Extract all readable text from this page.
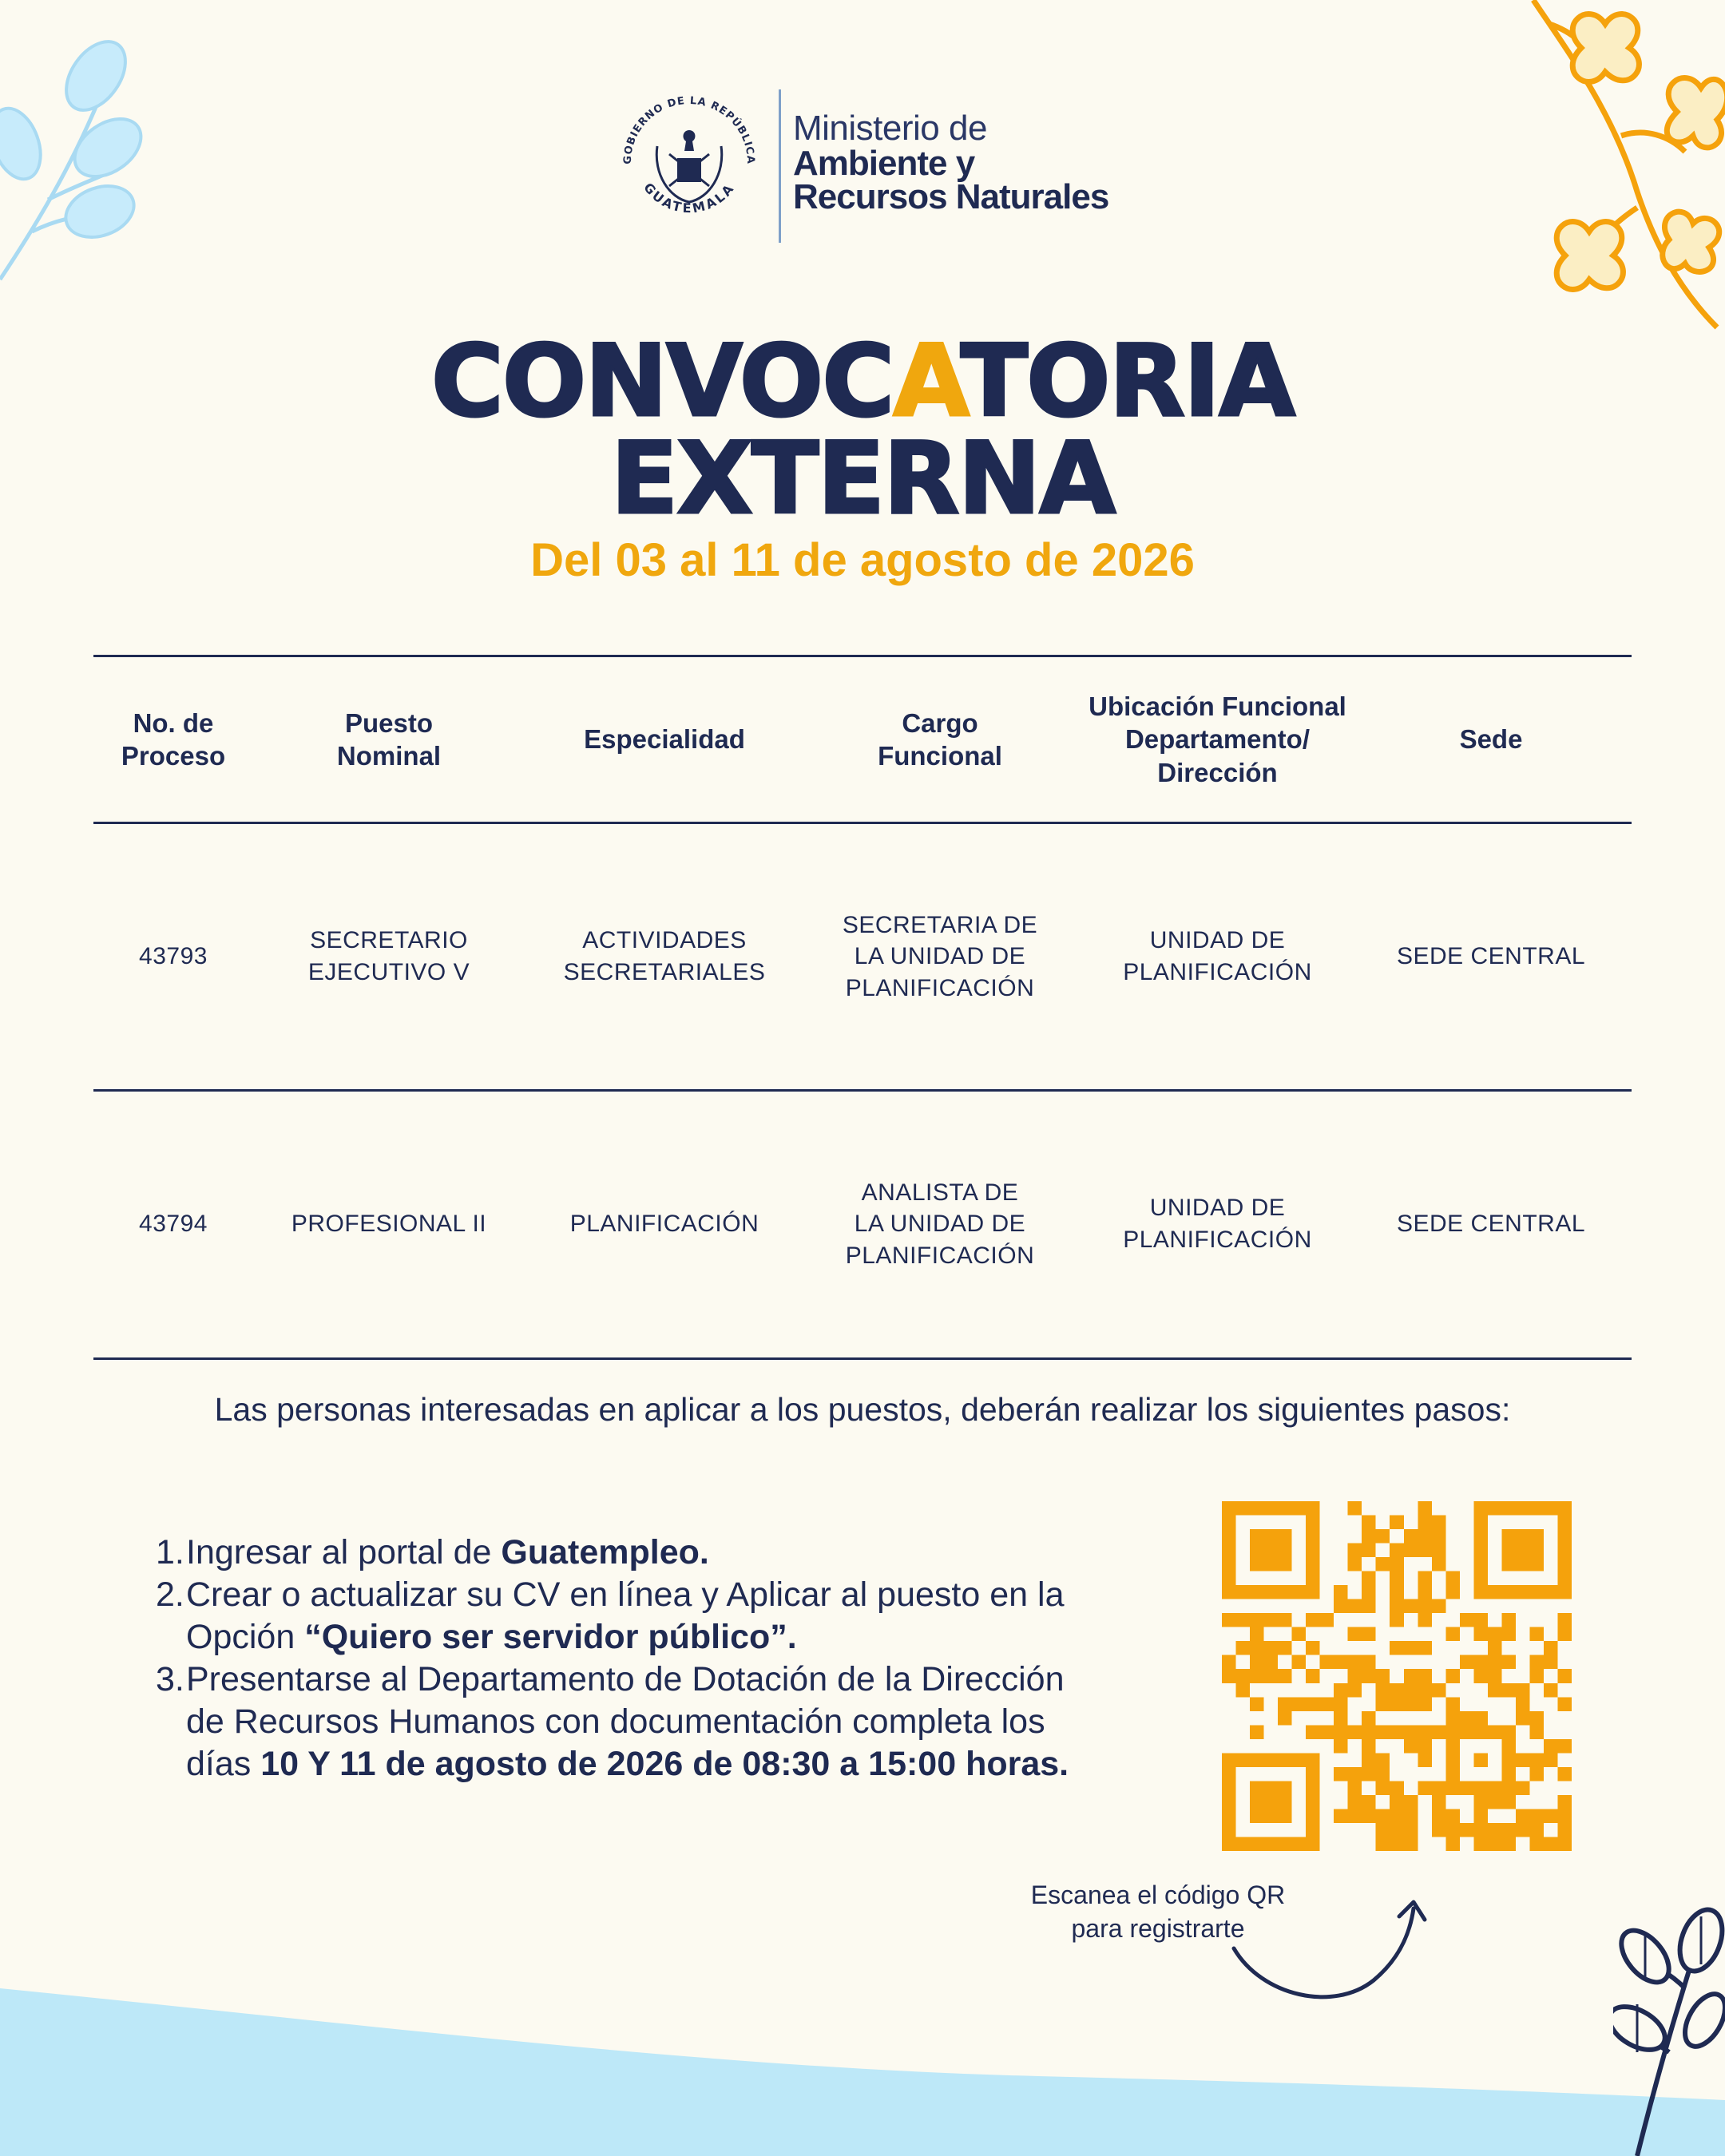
GOBIERNO DE LA REPÚBLICA
GUATEMALA
Ministerio de
Ambiente y
Recursos Naturales
CONVOCATORIA
EXTERNA
Del 03 al 11 de agosto de 2026
No. de
Proceso
Puesto
Nominal
Especialidad
Cargo
Funcional
Ubicación Funcional
Departamento/
Dirección
Sede
43793
SECRETARIO
EJECUTIVO V
ACTIVIDADES
SECRETARIALES
SECRETARIA DE
LA UNIDAD DE
PLANIFICACIÓN
UNIDAD DE
PLANIFICACIÓN
SEDE CENTRAL
43794	PROFESIONAL II	PLANIFICACIÓN
ANALISTA DE
LA UNIDAD DE
PLANIFICACIÓN
UNIDAD DE
PLANIFICACIÓN
SEDE CENTRAL
Las personas interesadas en aplicar a los puestos, deberán realizar los siguientes pasos:
1. Ingresar al portal de Guatempleo.
2. Crear o actualizar su CV en línea y Aplicar al puesto en la Opción “Quiero ser servidor público”.
3. Presentarse al Departamento de Dotación de la Dirección de Recursos Humanos con documentación completa los días 10 Y 11 de agosto de 2026 de 08:30 a 15:00 horas.
Escanea el código QR
para registrarte
